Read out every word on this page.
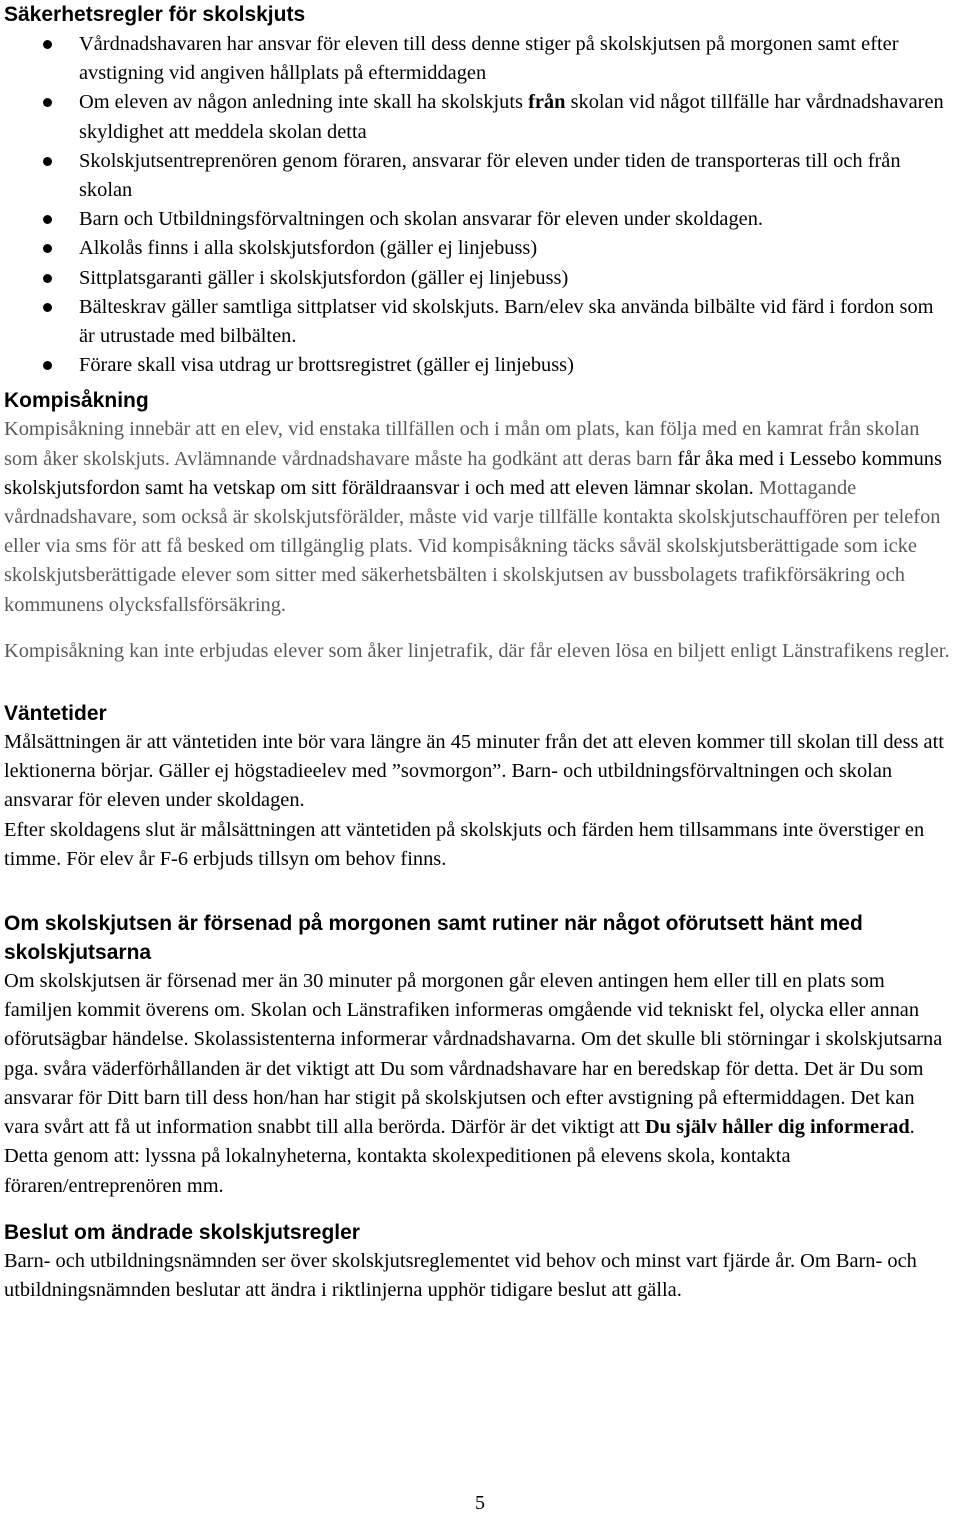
Säkerhetsregler för skolskjuts
Vårdnadshavaren har ansvar för eleven till dess denne stiger på skolskjutsen på morgonen samt efter avstigning vid angiven hållplats på eftermiddagen
Om eleven av någon anledning inte skall ha skolskjuts från skolan vid något tillfälle har vårdnadshavaren skyldighet att meddela skolan detta
Skolskjutsentreprenören genom föraren, ansvarar för eleven under tiden de transporteras till och från skolan
Barn och Utbildningsförvaltningen och skolan ansvarar för eleven under skoldagen.
Alkolås finns i alla skolskjutsfordon (gäller ej linjebuss)
Sittplatsgaranti gäller i skolskjutsfordon (gäller ej linjebuss)
Bälteskrav gäller samtliga sittplatser vid skolskjuts. Barn/elev ska använda bilbälte vid färd i fordon som är utrustade med bilbälten.
Förare skall visa utdrag ur brottsregistret (gäller ej linjebuss)
Kompisåkning

Kompisåkning innebär att en elev, vid enstaka tillfällen och i mån om plats, kan följa med en kamrat från skolan som åker skolskjuts. Avlämnande vårdnadshavare måste ha godkänt att deras barn får åka med i Lessebo kommuns skolskjutsfordon samt ha vetskap om sitt föräldraansvar i och med att eleven lämnar skolan. Mottagande vårdnadshavare, som också är skolskjutsförälder, måste vid varje tillfälle kontakta skolskjutschauffören per telefon eller via sms för att få besked om tillgänglig plats. Vid kompisåkning täcks såväl skolskjutsberättigade som icke skolskjutsberättigade elever som sitter med säkerhetsbälten i skolskjutsen av bussbolagets trafikförsäkring och kommunens olycksfallsförsäkring.

Kompisåkning kan inte erbjudas elever som åker linjetrafik, där får eleven lösa en biljett enligt Länstrafikens regler.

Väntetider

Målsättningen är att väntetiden inte bör vara längre än 45 minuter från det att eleven kommer till skolan till dess att lektionerna börjar. Gäller ej högstadieelev med ”sovmorgon”. Barn- och utbildningsförvaltningen och skolan ansvarar för eleven under skoldagen.

Efter skoldagens slut är målsättningen att väntetiden på skolskjuts och färden hem tillsammans inte överstiger en timme. För elev år F-6 erbjuds tillsyn om behov finns.

Om skolskjutsen är försenad på morgonen samt rutiner när något oförutsett hänt med skolskjutsarna

Om skolskjutsen är försenad mer än 30 minuter på morgonen går eleven antingen hem eller till en plats som familjen kommit överens om. Skolan och Länstrafiken informeras omgående vid tekniskt fel, olycka eller annan oförutsägbar händelse. Skolassistenterna informerar vårdnadshavarna. Om det skulle bli störningar i skolskjutsarna pga. svåra väderförhållanden är det viktigt att Du som vårdnadshavare har en beredskap för detta. Det är Du som ansvarar för Ditt barn till dess hon/han har stigit på skolskjutsen och efter avstigning på eftermiddagen. Det kan vara svårt att få ut information snabbt till alla berörda. Därför är det viktigt att Du själv håller dig informerad. Detta genom att: lyssna på lokalnyheterna, kontakta skolexpeditionen på elevens skola, kontakta föraren/entreprenören mm.

Beslut om ändrade skolskjutsregler

Barn- och utbildningsnämnden ser över skolskjutsreglementet vid behov och minst vart fjärde år. Om Barn- och utbildningsnämnden beslutar att ändra i riktlinjerna upphör tidigare beslut att gälla.

5
